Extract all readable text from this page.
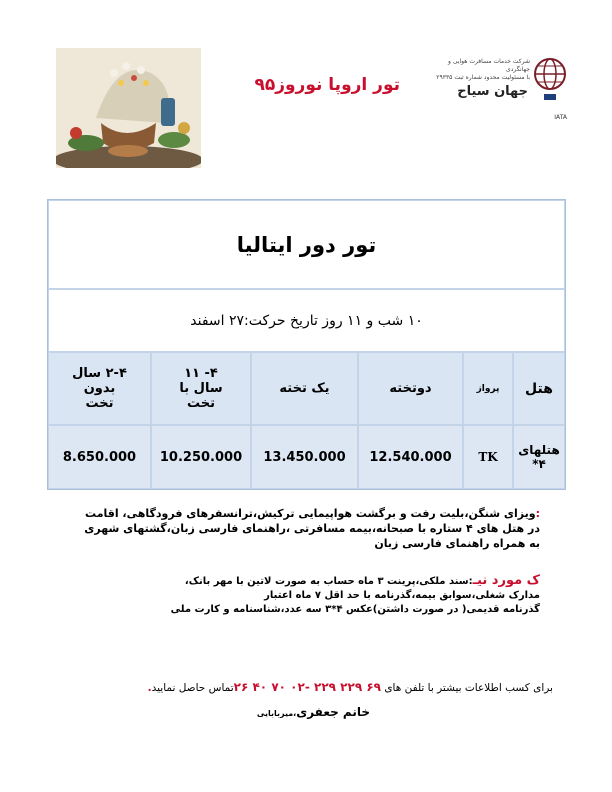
تور اروپا نوروز۹۵
شرکت خدمات مسافرت هوایی و جهانگردی
با مسئولیت محدود شماره ثبت ۲۹۳۳۵
جهان سیاح
IATA
تور دور ایتالیا
۱۰ شب و ۱۱ روز تاریخ حرکت:۲۷ اسفند
هتل
پرواز
دوتخته
یک تخته
۴- ۱۱ سال با تخت
۲-۴ سال بدون تخت
هتلهای ۴*
TK
12.540.000
13.450.000
10.250.000
8.650.000
:ویزای شنگن،بلیت رفت و برگشت هواپیمایی ترکیش،ترانسفرهای فرودگاهی، اقامت در هتل های ۴ ستاره با صبحانه،بیمه مسافرتی ،راهنمای فارسی زبان،گشتهای شهری به همراه راهنمای فارسی زبان
ک مورد نیـ:سند ملکی،پرینت ۳ ماه حساب به صورت لاتین با مهر بانک،
مدارک شغلی،سوابق بیمه،گذرنامه با حد اقل ۷ ماه اعتبار
گذرنامه قدیمی( در صورت داشتن)عکس ۴*۳ سه عدد،شناسنامه و کارت ملی
برای کسب اطلاعات بیشتر با تلفن های ۶۹ ۲۲۹ ۲۲۹ -۰۲ ۷۰ ۴۰ ۲۶تماس حاصل نمایید.
خانم جعفری،میربابایی
